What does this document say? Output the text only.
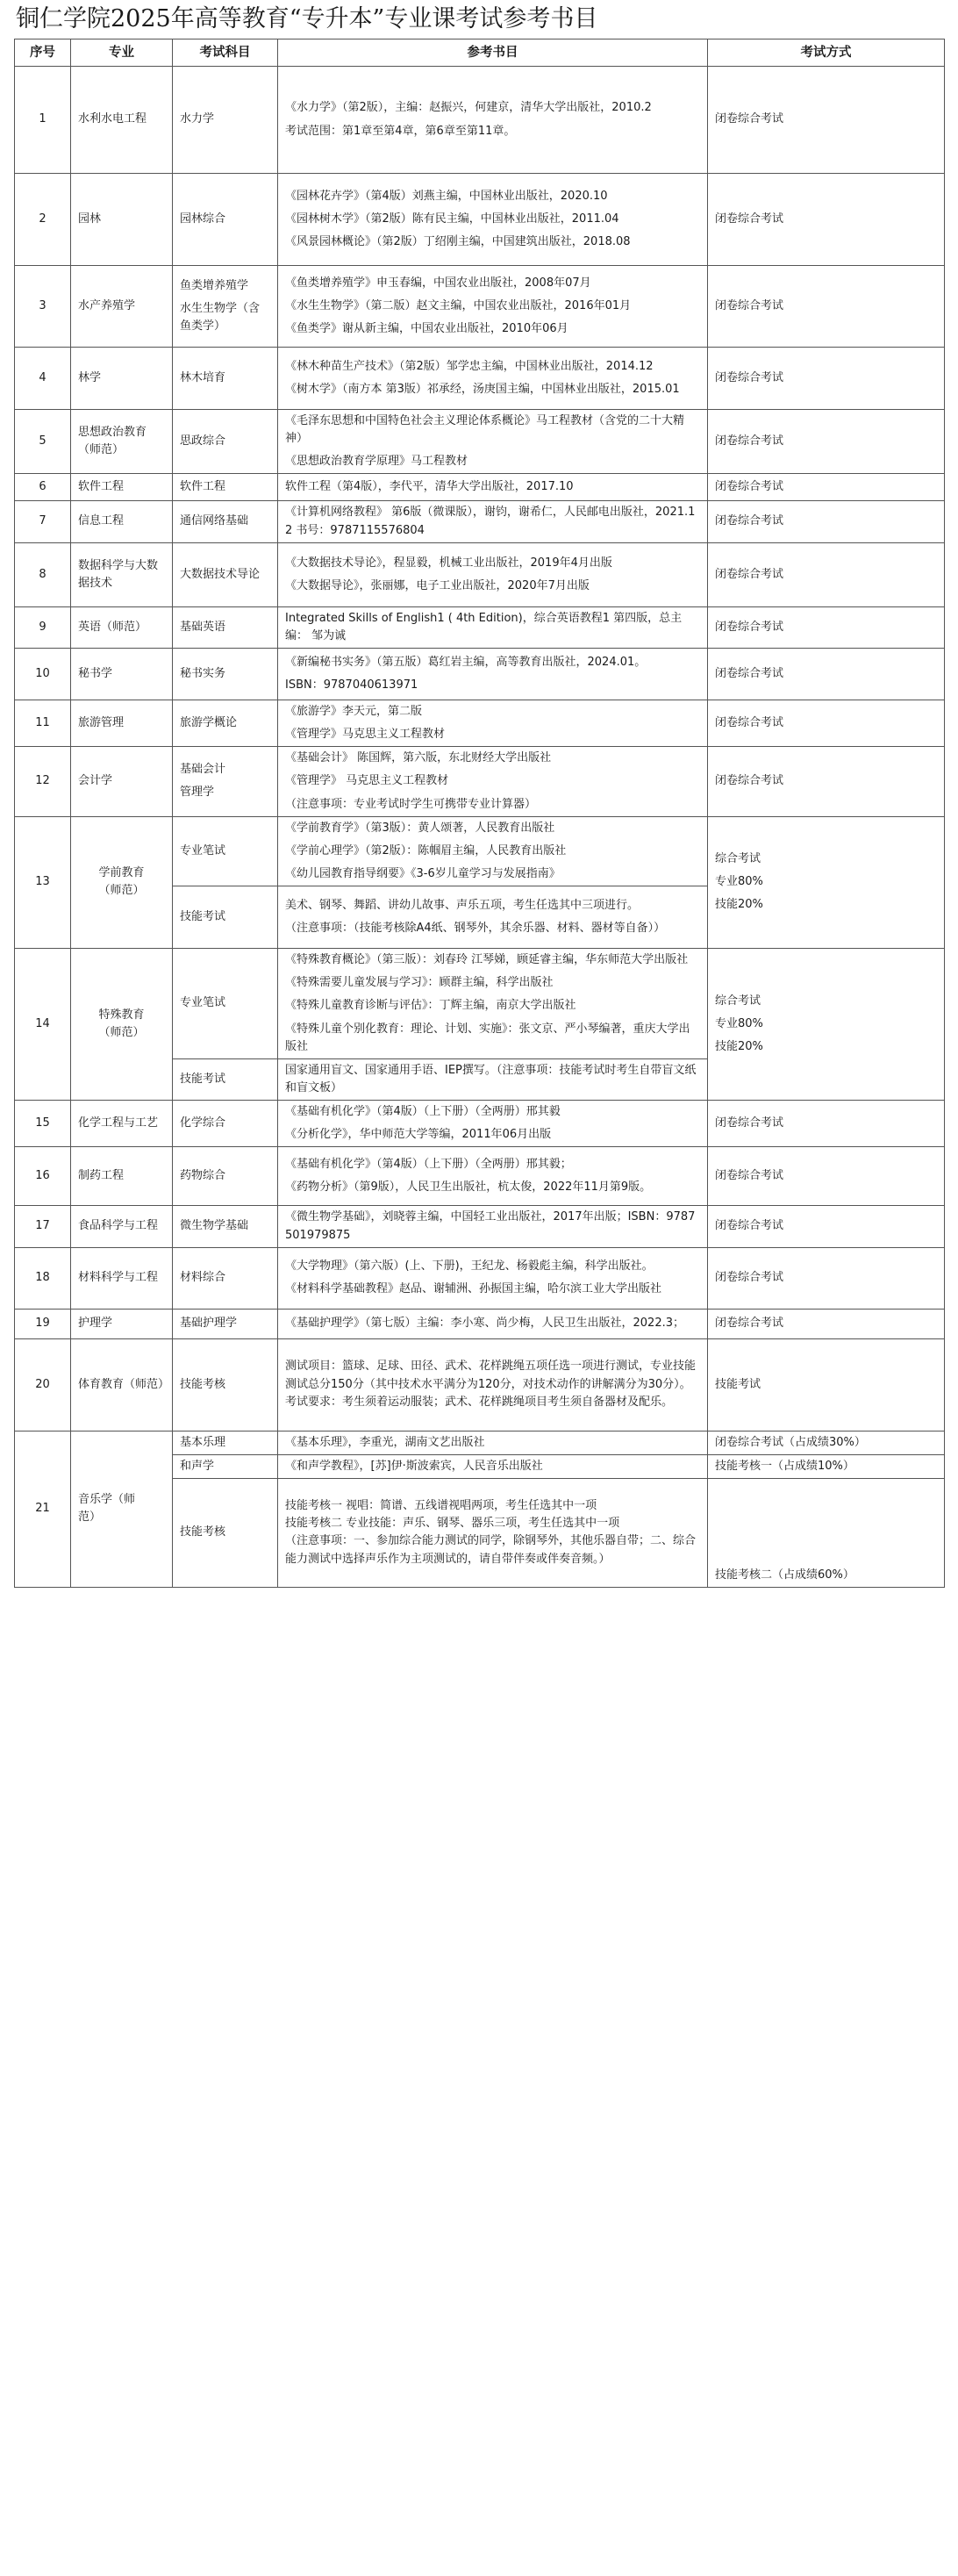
铜仁学院2025年高等教育“专升本”专业课考试参考书目
序号	专业	考试科目	参考书目	考试方式
1	水利水电工程	水力学	《水力学》（第2版），主编：赵振兴，何建京，清华大学出版社，2010.2
考试范围：第1章至第4章，第6章至第11章。	闭卷综合考试

2	园林	园林综合	《园林花卉学》（第4版）刘燕主编，中国林业出版社，2020.10
《园林树木学》（第2版）陈有民主编，中国林业出版社，2011.04
《风景园林概论》（第2版）丁绍刚主编，中国建筑出版社，2018.08	闭卷综合考试

3	水产养殖学	鱼类增养殖学
水生生物学（含鱼类学）	《鱼类增养殖学》申玉春编，中国农业出版社，2008年07月
《水生生物学》（第二版）赵文主编，中国农业出版社，2016年01月
《鱼类学》谢从新主编，中国农业出版社，2010年06月	闭卷综合考试

4	林学	林木培育	《林木种苗生产技术》（第2版）邹学忠主编，中国林业出版社，2014.12
《树木学》（南方本 第3版）祁承经，汤庚国主编，中国林业出版社，2015.01	闭卷综合考试

5	思想政治教育（师范）	思政综合	《毛泽东思想和中国特色社会主义理论体系概论》马工程教材（含党的二十大精神）
《思想政治教育学原理》马工程教材	闭卷综合考试

6	软件工程	软件工程	软件工程（第4版），李代平，清华大学出版社，2017.10	闭卷综合考试

7	信息工程	通信网络基础	《计算机网络教程》 第6版（微课版），谢钧，谢希仁，人民邮电出版社，2021.12 书号：9787115576804	闭卷综合考试

8	数据科学与大数据技术	大数据技术导论	《大数据技术导论》，程显毅，机械工业出版社，2019年4月出版
《大数据导论》，张丽娜，电子工业出版社，2020年7月出版	闭卷综合考试

9	英语（师范）	基础英语	Integrated Skills of English1 ( 4th Edition)，综合英语教程1 第四版，总主编： 邹为诚	闭卷综合考试

10	秘书学	秘书实务	《新编秘书实务》（第五版）葛红岩主编，高等教育出版社，2024.01。
ISBN：9787040613971	闭卷综合考试

11	旅游管理	旅游学概论	《旅游学》李天元，第二版
《管理学》马克思主义工程教材	闭卷综合考试

12	会计学	基础会计
管理学	《基础会计》 陈国辉，第六版，东北财经大学出版社
《管理学》 马克思主义工程教材
（注意事项：专业考试时学生可携带专业计算器）	闭卷综合考试

13	学前教育
（师范）	专业笔试	《学前教育学》（第3版）：黄人颂著，人民教育出版社
《学前心理学》（第2版）：陈帼眉主编，人民教育出版社
《幼儿园教育指导纲要》《3-6岁儿童学习与发展指南》	综合考试
专业80%
技能20%

		技能考试	美术、钢琴、舞蹈、讲幼儿故事、声乐五项，考生任选其中三项进行。
（注意事项：（技能考核除A4纸、钢琴外，其余乐器、材料、器材等自备））	

14	特殊教育
（师范）	专业笔试	《特殊教育概论》（第三版）：刘春玲 江琴娣，顾延睿主编，华东师范大学出版社
《特殊需要儿童发展与学习》：顾群主编，科学出版社
《特殊儿童教育诊断与评估》：丁辉主编，南京大学出版社
《特殊儿童个别化教育：理论、计划、实施》：张文京、严小琴编著，重庆大学出版社	综合考试
专业80%
技能20%

		技能考试	国家通用盲文、国家通用手语、IEP撰写。（注意事项：技能考试时考生自带盲文纸和盲文板）	

15	化学工程与工艺	化学综合	《基础有机化学》（第4版）（上下册）（全两册）邢其毅
《分析化学》，华中师范大学等编，2011年06月出版	闭卷综合考试

16	制药工程	药物综合	《基础有机化学》（第4版）（上下册）（全两册）邢其毅；
《药物分析》（第9版），人民卫生出版社，杭太俊，2022年11月第9版。	闭卷综合考试

17	食品科学与工程	微生物学基础	《微生物学基础》，刘晓蓉主编，中国轻工业出版社，2017年出版；ISBN：9787501979875	闭卷综合考试

18	材料科学与工程	材料综合	《大学物理》（第六版）(上、下册)，王纪龙、杨毅彪主编，科学出版社。
《材料科学基础教程》赵品、谢辅洲、孙振国主编，哈尔滨工业大学出版社	闭卷综合考试

19	护理学	基础护理学	《基础护理学》（第七版）主编：李小寒、尚少梅，人民卫生出版社，2022.3；	闭卷综合考试

20	体育教育（师范）	技能考核	测试项目：篮球、足球、田径、武术、花样跳绳五项任选一项进行测试，专业技能测试总分150分（其中技术水平满分为120分，对技术动作的讲解满分为30分）。考试要求：考生须着运动服装；武术、花样跳绳项目考生须自备器材及配乐。	技能考试

21	音乐学（师
范）	基本乐理	《基本乐理》，李重光，湖南文艺出版社	闭卷综合考试（占成绩30%）

		和声学	《和声学教程》，[苏]伊·斯波索宾，人民音乐出版社	技能考核一（占成绩10%）

		技能考核	技能考核一 视唱：简谱、五线谱视唱两项，考生任选其中一项
技能考核二 专业技能：声乐、钢琴、器乐三项，考生任选其中一项
（注意事项：一、参加综合能力测试的同学，除钢琴外，其他乐器自带；二、综合能力测试中选择声乐作为主项测试的，请自带伴奏或伴奏音频。）	技能考核二（占成绩60%）
